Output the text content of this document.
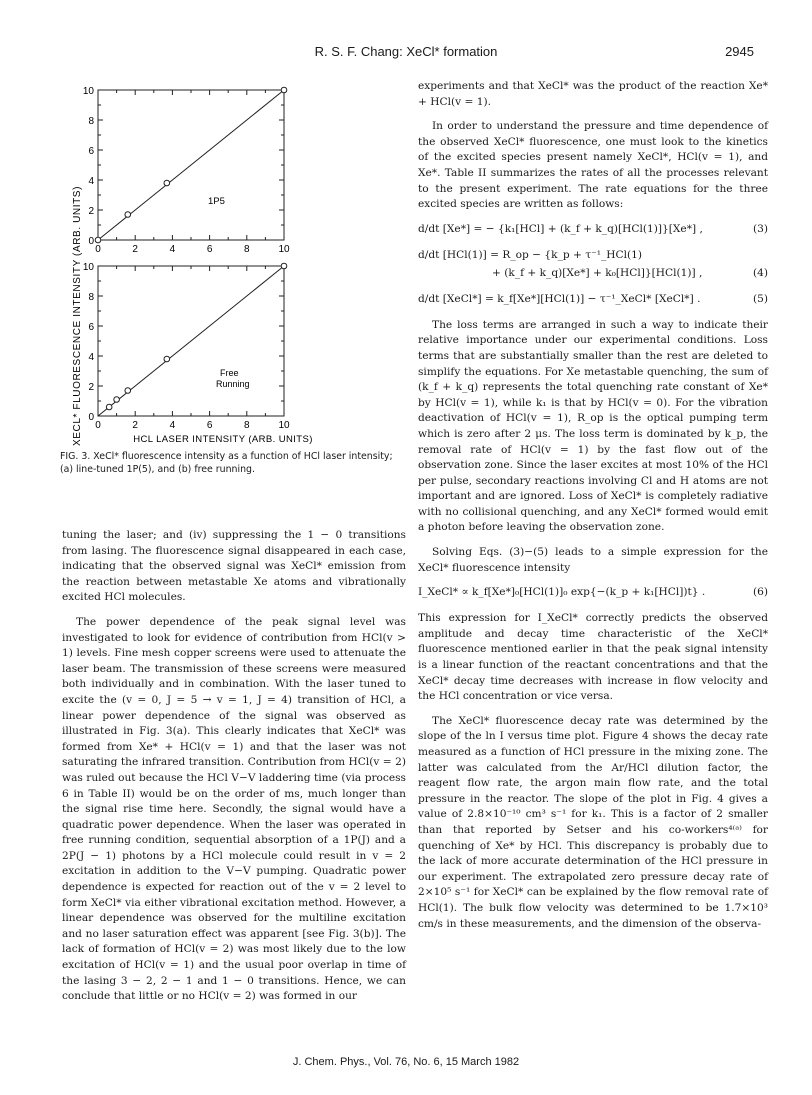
R. S. F. Chang: XeCl* formation	2945
0	2	4	6	8	10
0
2
4
6
8
10
1P5
0	2	4	6	8	10
0
2
4
6
8
10
Free
Running
XECL* FLUORESCENCE INTENSITY (ARB. UNITS)	HCL LASER INTENSITY (ARB. UNITS)
FIG. 3. XeCl* fluorescence intensity as a function of HCl laser intensity; (a) line-tuned 1P(5), and (b) free running.

tuning the laser; and (iv) suppressing the 1 − 0 transitions from lasing. The fluorescence signal disappeared in each case, indicating that the observed signal was XeCl* emission from the reaction between metastable Xe atoms and vibrationally excited HCl molecules.

The power dependence of the peak signal level was investigated to look for evidence of contribution from HCl(v > 1) levels. Fine mesh copper screens were used to attenuate the laser beam. The transmission of these screens were measured both individually and in combination. With the laser tuned to excite the (v = 0, J = 5 → v = 1, J = 4) transition of HCl, a linear power dependence of the signal was observed as illustrated in Fig. 3(a). This clearly indicates that XeCl* was formed from Xe* + HCl(v = 1) and that the laser was not saturating the infrared transition. Contribution from HCl(v = 2) was ruled out because the HCl V−V laddering time (via process 6 in Table II) would be on the order of ms, much longer than the signal rise time here. Secondly, the signal would have a quadratic power dependence. When the laser was operated in free running condition, sequential absorption of a 1P(J) and a 2P(J − 1) photons by a HCl molecule could result in v = 2 excitation in addition to the V−V pumping. Quadratic power dependence is expected for reaction out of the v = 2 level to form XeCl* via either vibrational excitation method. However, a linear dependence was observed for the multiline excitation and no laser saturation effect was apparent [see Fig. 3(b)]. The lack of formation of HCl(v = 2) was most likely due to the low excitation of HCl(v = 1) and the usual poor overlap in time of the lasing 3 − 2, 2 − 1 and 1 − 0 transitions. Hence, we can conclude that little or no HCl(v = 2) was formed in our

experiments and that XeCl* was the product of the reaction Xe* + HCl(v = 1).

In order to understand the pressure and time dependence of the observed XeCl* fluorescence, one must look to the kinetics of the excited species present namely XeCl*, HCl(v = 1), and Xe*. Table II summarizes the rates of all the processes relevant to the present experiment. The rate equations for the three excited species are written as follows:

d/dt [Xe*] = − {k₁[HCl] + (k_f + k_q)[HCl(1)]}[Xe*] ,	(3)
d/dt [HCl(1)] = R_op − {k_p + τ⁻¹_HCl(1)
+ (k_f + k_q)[Xe*] + k₀[HCl]}[HCl(1)] ,	(4)
d/dt [XeCl*] = k_f[Xe*][HCl(1)] − τ⁻¹_XeCl* [XeCl*] .	(5)

The loss terms are arranged in such a way to indicate their relative importance under our experimental conditions. Loss terms that are substantially smaller than the rest are deleted to simplify the equations. For Xe metastable quenching, the sum of (k_f + k_q) represents the total quenching rate constant of Xe* by HCl(v = 1), while k₁ is that by HCl(v = 0). For the vibration deactivation of HCl(v = 1), R_op is the optical pumping term which is zero after 2 μs. The loss term is dominated by k_p, the removal rate of HCl(v = 1) by the fast flow out of the observation zone. Since the laser excites at most 10% of the HCl per pulse, secondary reactions involving Cl and H atoms are not important and are ignored. Loss of XeCl* is completely radiative with no collisional quenching, and any XeCl* formed would emit a photon before leaving the observation zone.

Solving Eqs. (3)−(5) leads to a simple expression for the XeCl* fluorescence intensity

I_XeCl* ∝ k_f[Xe*]₀[HCl(1)]₀ exp{−(k_p + k₁[HCl])t} .	(6)

This expression for I_XeCl* correctly predicts the observed amplitude and decay time characteristic of the XeCl* fluorescence mentioned earlier in that the peak signal intensity is a linear function of the reactant concentrations and that the XeCl* decay time decreases with increase in flow velocity and the HCl concentration or vice versa.

The XeCl* fluorescence decay rate was determined by the slope of the ln I versus time plot. Figure 4 shows the decay rate measured as a function of HCl pressure in the mixing zone. The latter was calculated from the Ar/HCl dilution factor, the reagent flow rate, the argon main flow rate, and the total pressure in the reactor. The slope of the plot in Fig. 4 gives a value of 2.8×10⁻¹⁰ cm³ s⁻¹ for k₁. This is a factor of 2 smaller than that reported by Setser and his co-workers⁴⁽ᵃ⁾ for quenching of Xe* by HCl. This discrepancy is probably due to the lack of more accurate determination of the HCl pressure in our experiment. The extrapolated zero pressure decay rate of 2×10⁵ s⁻¹ for XeCl* can be explained by the flow removal rate of HCl(1). The bulk flow velocity was determined to be 1.7×10³ cm/s in these measurements, and the dimension of the observa-

J. Chem. Phys., Vol. 76, No. 6, 15 March 1982
